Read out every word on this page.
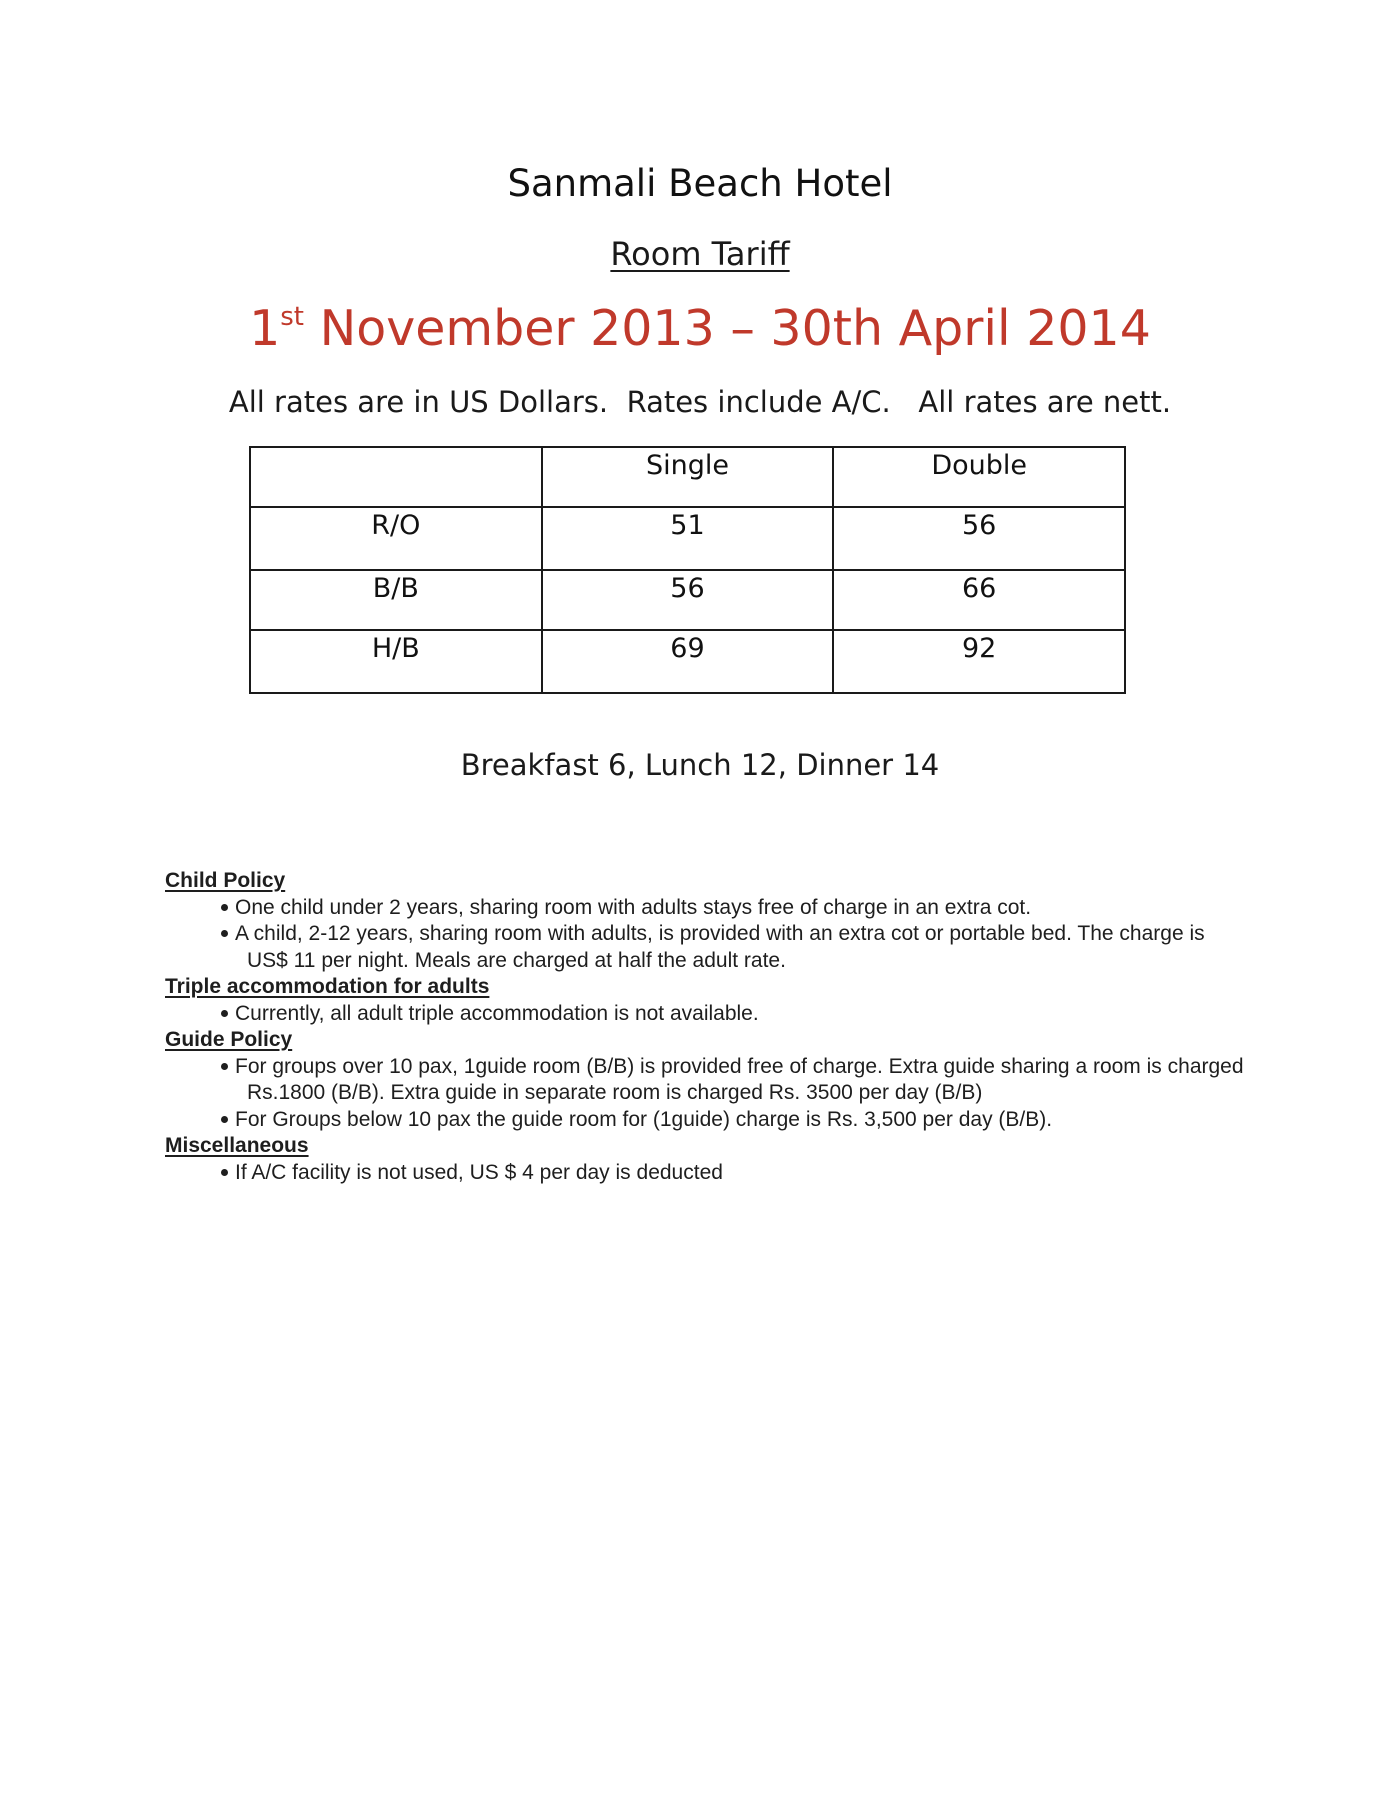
Sanmali Beach Hotel
Room Tariff
1st November 2013 – 30th April 2014
All rates are in US Dollars.  Rates include A/C.   All rates are nett.
	Single	Double
R/O	51	56
B/B	56	66
H/B	69	92
Breakfast 6, Lunch 12, Dinner 14

Child Policy

One child under 2 years, sharing room with adults stays free of charge in an extra cot.
A child, 2-12 years, sharing room with adults, is provided with an extra cot or portable bed. The charge is US$ 11 per night. Meals are charged at half the adult rate.

Triple accommodation for adults

Currently, all adult triple accommodation is not available.

Guide Policy

For groups over 10 pax, 1guide room (B/B) is provided free of charge. Extra guide sharing a room is charged Rs.1800 (B/B). Extra guide in separate room is charged Rs. 3500 per day (B/B)
For Groups below 10 pax the guide room for (1guide) charge is Rs. 3,500 per day (B/B).

Miscellaneous

If A/C facility is not used, US $ 4 per day is deducted
